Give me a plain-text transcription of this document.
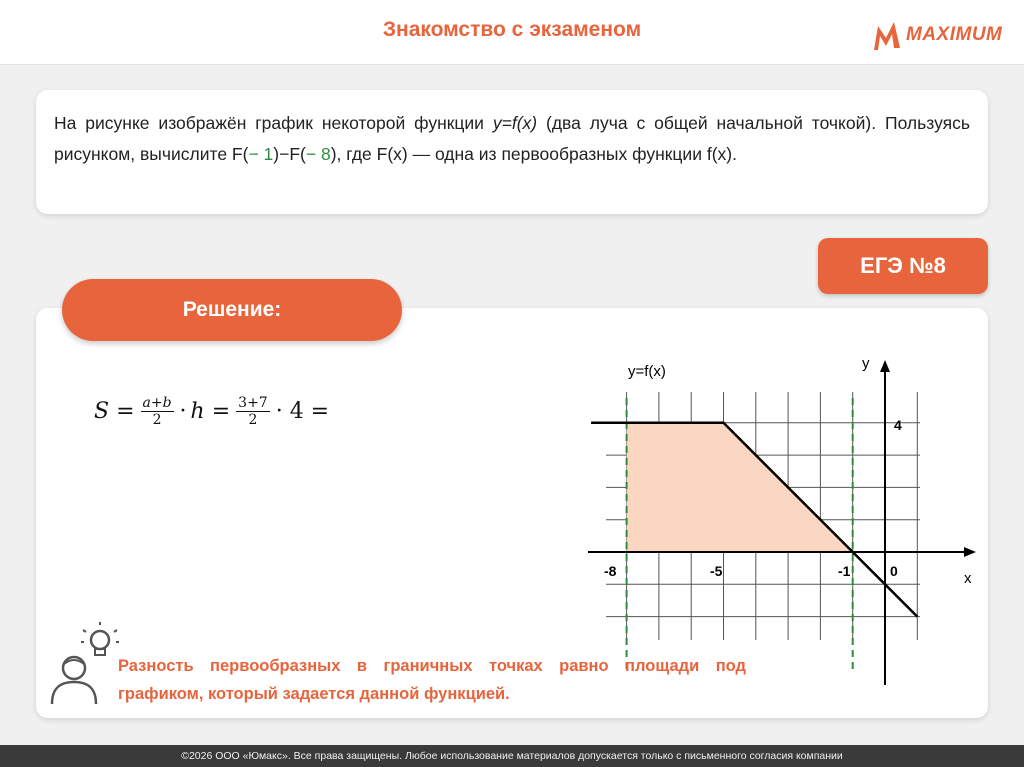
Знакомство с экзаменом	MAXIMUM
На рисунке изображён график некоторой функции y=f(x) (два луча с общей начальной точкой). Пользуясь рисунком, вычислите F(− 1)−F(− 8), где F(x) — одна из первообразных функции f(x).
ЕГЭ №8
Решение:
$S = \frac{\text{𝑎+𝑏}}{2}$ · ℎ = $\frac{3+7}{2} \cdot 4$ =
y=f(x)	y
x
4
-8	-5	-1	0
Разность первообразных в граничных точках равно площади под графиком, который задается данной функцией.
©2026 ООО «Юмакс». Все права защищены. Любое использование материалов допускается только с письменного согласия компании
